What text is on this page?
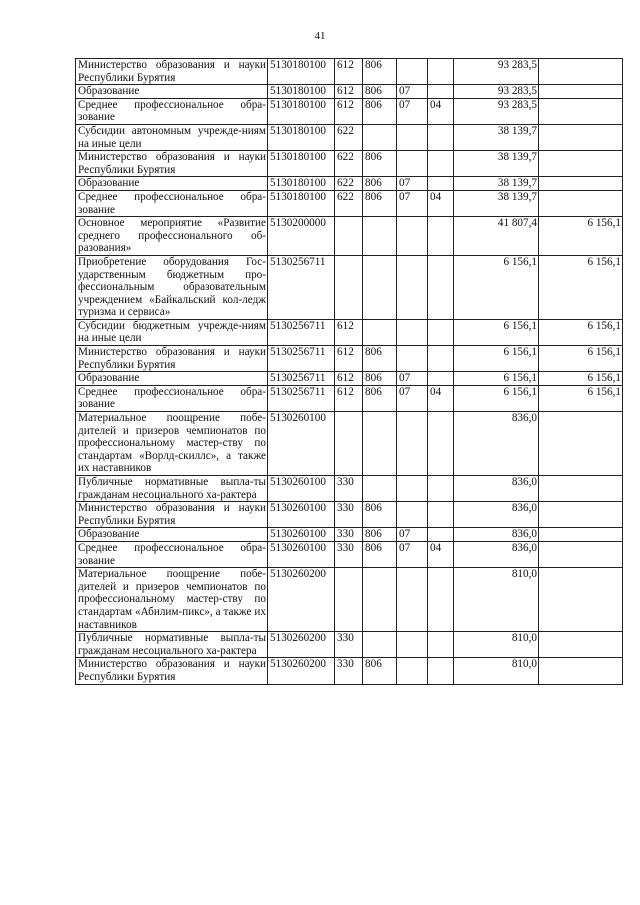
41
Министерство образования и науки Республики Бурятия	5130180100	612	806			93 283,5	
Образование	5130180100	612	806	07		93 283,5	
Среднее профессиональное обра-зование	5130180100	612	806	07	04	93 283,5	
Субсидии автономным учрежде-ниям на иные цели	5130180100	622				38 139,7	
Министерство образования и науки Республики Бурятия	5130180100	622	806			38 139,7	
Образование	5130180100	622	806	07		38 139,7	
Среднее профессиональное обра-зование	5130180100	622	806	07	04	38 139,7	
Основное мероприятие «Развитие среднего профессионального об-разования»	5130200000					41 807,4	6 156,1
Приобретение оборудования Гос-ударственным бюджетным про-фессиональным образовательным учреждением «Байкальский кол-ледж туризма и сервиса»	5130256711					6 156,1	6 156,1
Субсидии бюджетным учрежде-ниям на иные цели	5130256711	612				6 156,1	6 156,1
Министерство образования и науки Республики Бурятия	5130256711	612	806			6 156,1	6 156,1
Образование	5130256711	612	806	07		6 156,1	6 156,1
Среднее профессиональное обра-зование	5130256711	612	806	07	04	6 156,1	6 156,1
Материальное поощрение побе-дителей и призеров чемпионатов по профессиональному мастер-ству по стандартам «Ворлд-скиллс», а также их наставников	5130260100					836,0	
Публичные нормативные выпла-ты гражданам несоциального ха-рактера	5130260100	330				836,0	
Министерство образования и науки Республики Бурятия	5130260100	330	806			836,0	
Образование	5130260100	330	806	07		836,0	
Среднее профессиональное обра-зование	5130260100	330	806	07	04	836,0	
Материальное поощрение побе-дителей и призеров чемпионатов по профессиональному мастер-ству по стандартам «Абилим-пикс», а также их наставников	5130260200					810,0	
Публичные нормативные выпла-ты гражданам несоциального ха-рактера	5130260200	330				810,0	
Министерство образования и науки Республики Бурятия	5130260200	330	806			810,0	
